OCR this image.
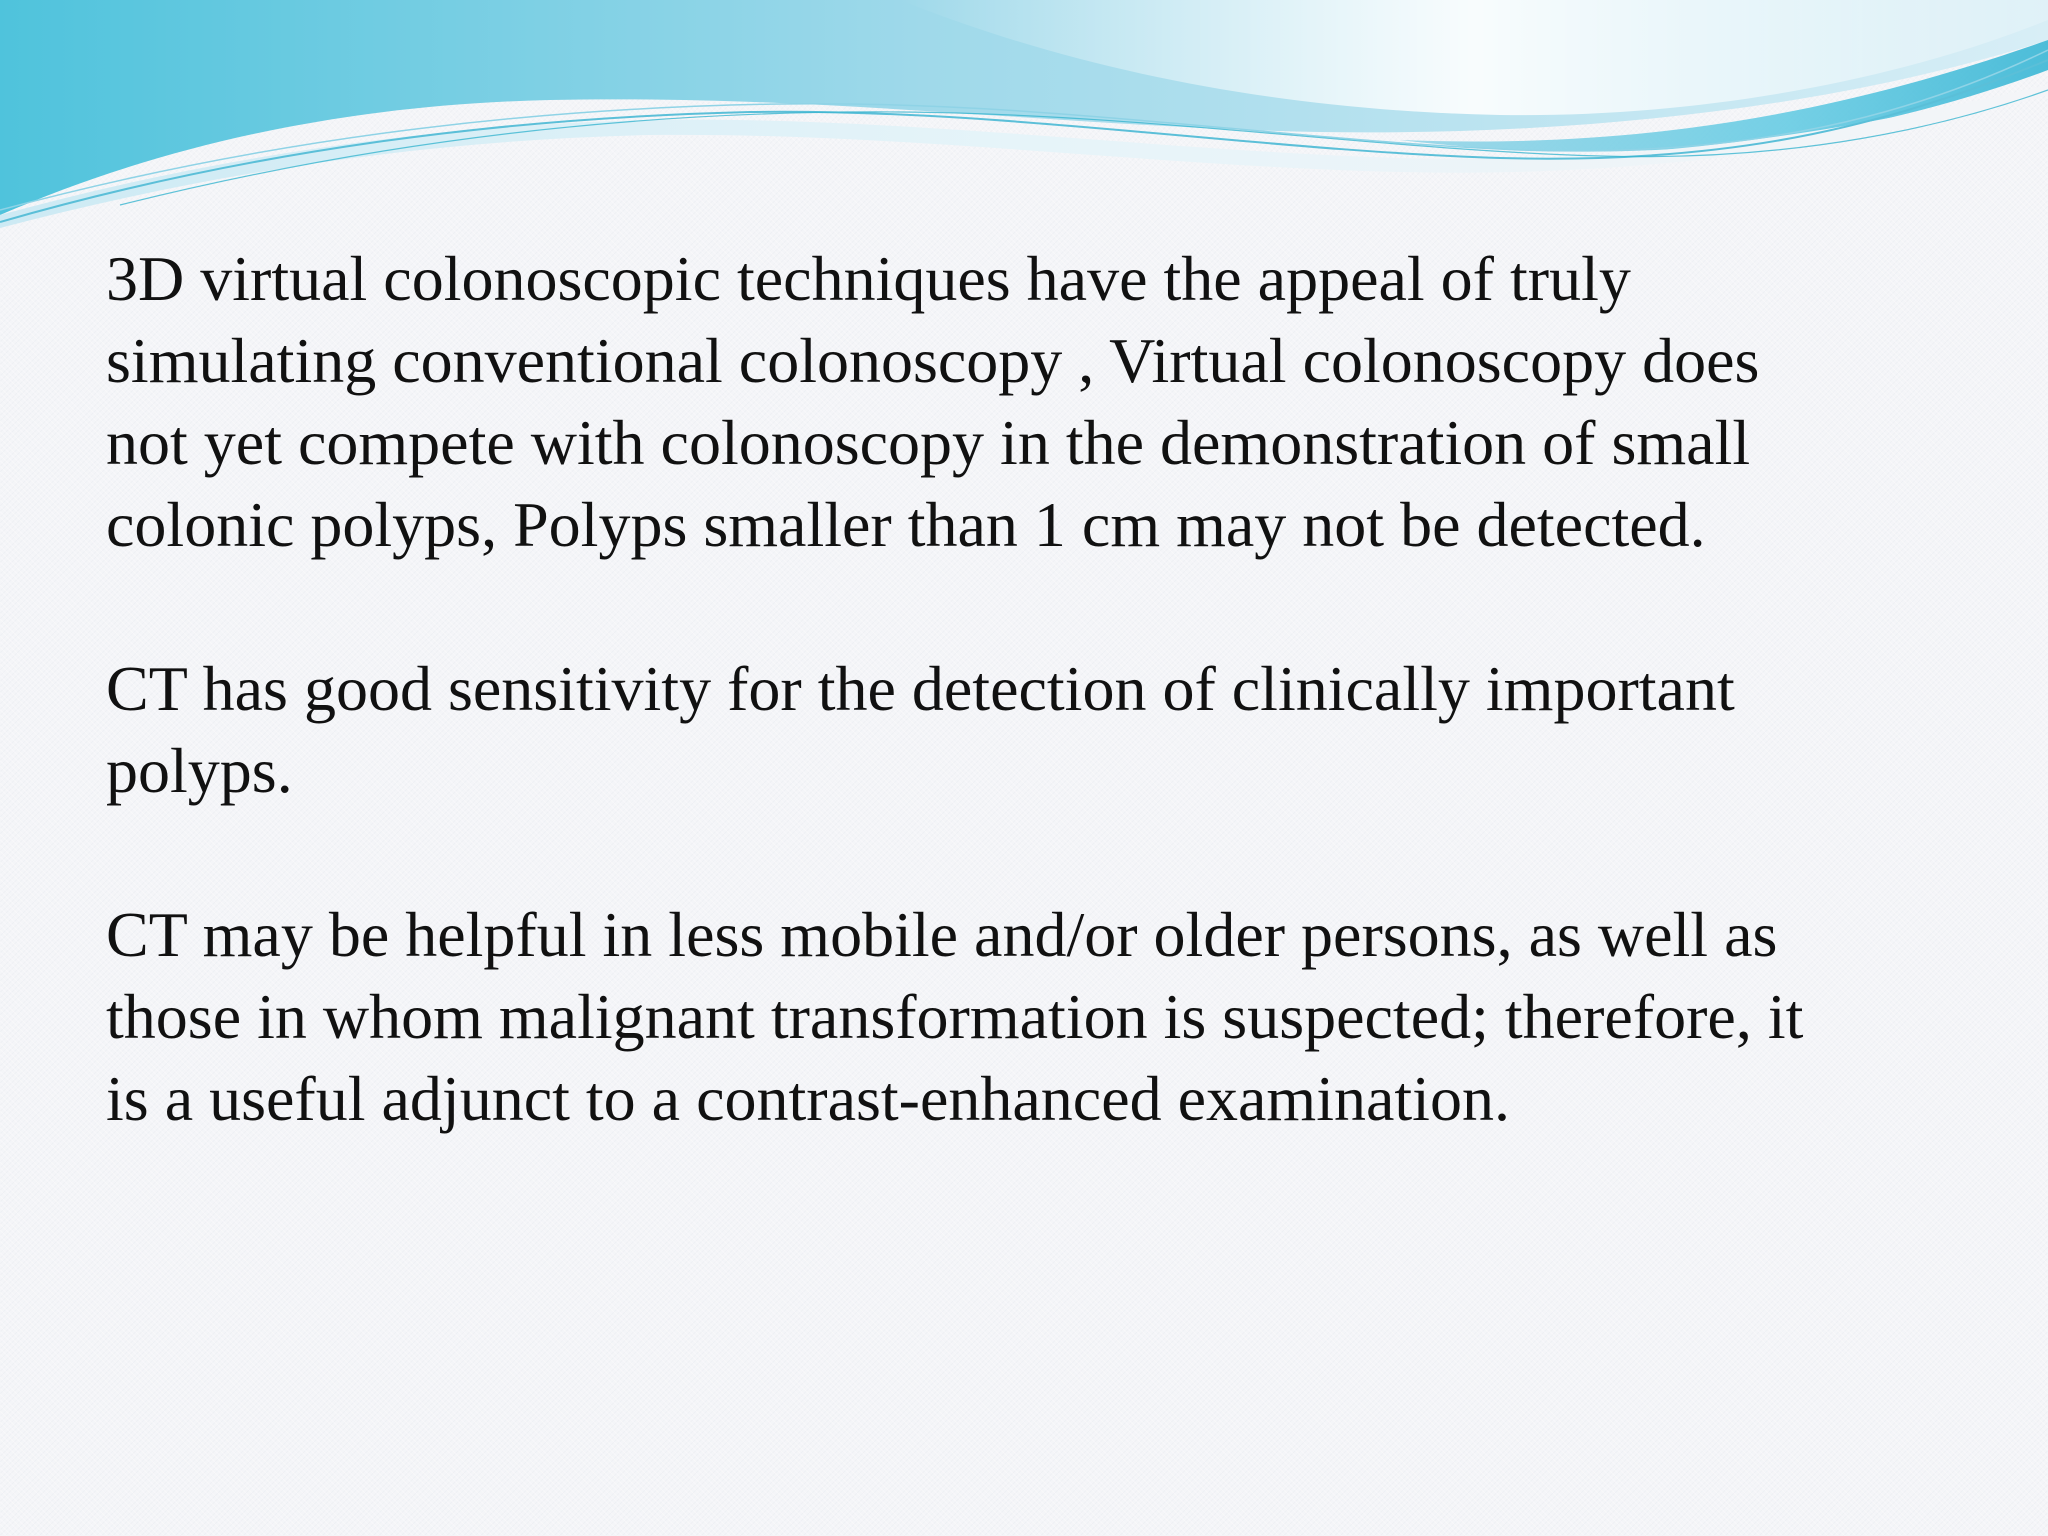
3D virtual colonoscopic techniques have the appeal of truly
simulating conventional colonoscopy , Virtual colonoscopy does
not yet compete with colonoscopy in the demonstration of small
colonic polyps, Polyps smaller than 1 cm may not be detected.

CT has good sensitivity for the detection of clinically important
polyps.

CT may be helpful in less mobile and/or older persons, as well as
those in whom malignant transformation is suspected; therefore, it
is a useful adjunct to a contrast-enhanced examination.
